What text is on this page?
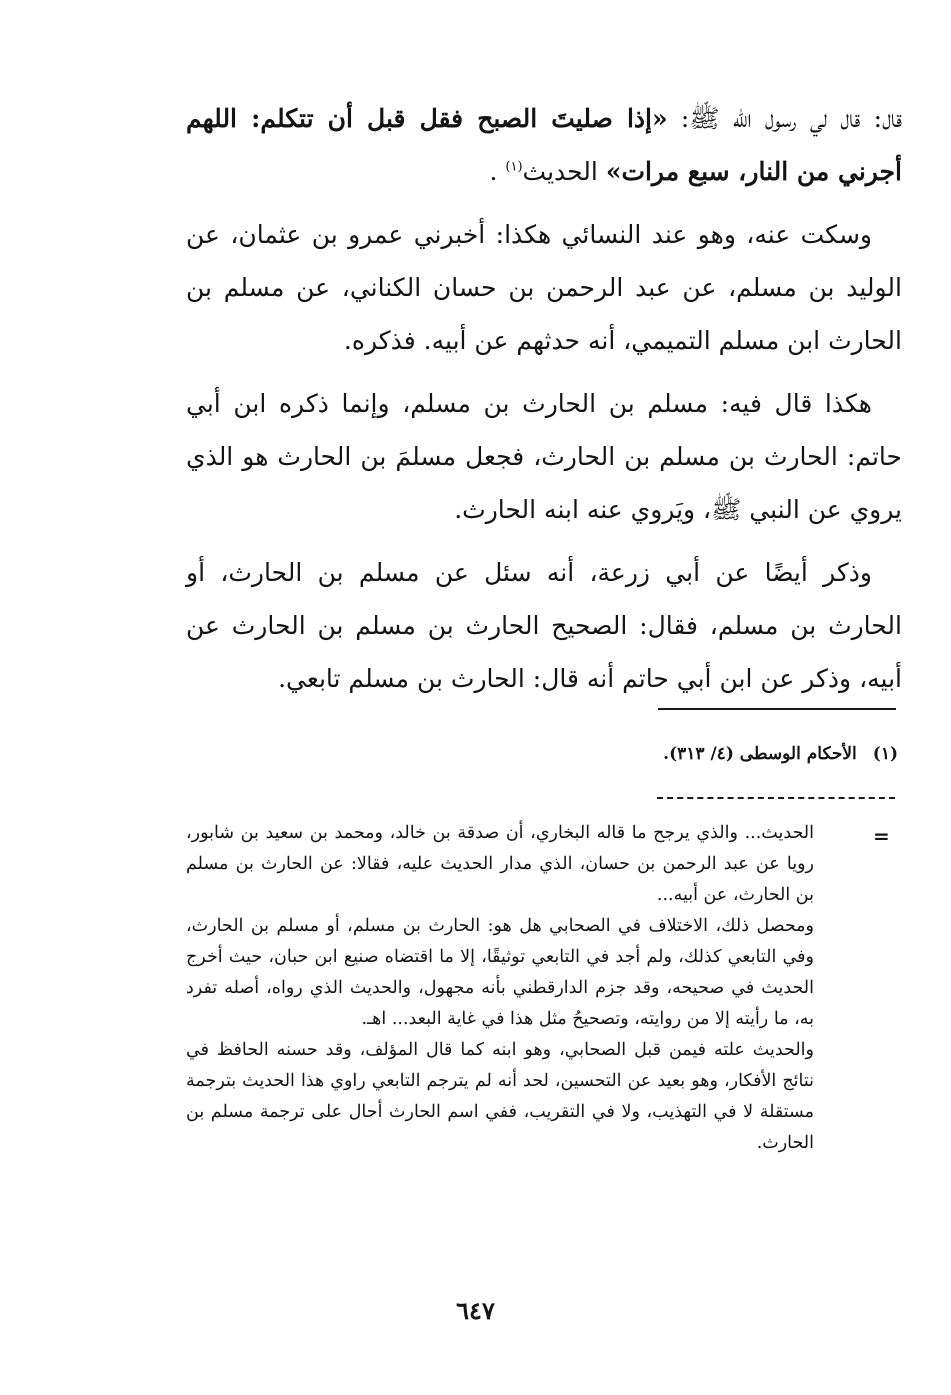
قال: قال لي رسول الله ﷺ: «إذا صليتَ الصبح فقل قبل أن تتكلم: اللهم أجرني من النار، سبع مرات» الحديث$^{(١)}$ .

وسكت عنه، وهو عند النسائي هكذا: أخبرني عمرو بن عثمان، عن الوليد بن مسلم، عن عبد الرحمن بن حسان الكناني، عن مسلم بن الحارث ابن مسلم التميمي، أنه حدثهم عن أبيه. فذكره.

هكذا قال فيه: مسلم بن الحارث بن مسلم، وإنما ذكره ابن أبي حاتم: الحارث بن مسلم بن الحارث، فجعل مسلمَ بن الحارث هو الذي يروي عن النبي ﷺ، ويَروي عنه ابنه الحارث.

وذكر أيضًا عن أبي زرعة، أنه سئل عن مسلم بن الحارث، أو الحارث بن مسلم، فقال: الصحيح الحارث بن مسلم بن الحارث عن أبيه، وذكر عن ابن أبي حاتم أنه قال: الحارث بن مسلم تابعي.

(١)الأحكام الوسطى (٤/ ٣١٣).
=

الحديث... والذي يرجح ما قاله البخاري، أن صدقة بن خالد، ومحمد بن سعيد بن شابور، رويا عن عبد الرحمن بن حسان، الذي مدار الحديث عليه، فقالا: عن الحارث بن مسلم بن الحارث، عن أبيه...

ومحصل ذلك، الاختلاف في الصحابي هل هو: الحارث بن مسلم، أو مسلم بن الحارث، وفي التابعي كذلك، ولم أجد في التابعي توثيقًا، إلا ما اقتضاه صنيع ابن حبان، حيث أخرج الحديث في صحيحه، وقد جزم الدارقطني بأنه مجهول، والحديث الذي رواه، أصله تفرد به، ما رأيته إلا من روايته، وتصحيحُ مثل هذا في غاية البعد... اهـ.

والحديث علته فيمن قبل الصحابي، وهو ابنه كما قال المؤلف، وقد حسنه الحافظ في نتائج الأفكار، وهو بعيد عن التحسين، لحد أنه لم يترجم التابعي راوي هذا الحديث بترجمة مستقلة لا في التهذيب، ولا في التقريب، ففي اسم الحارث أحال على ترجمة مسلم بن الحارث.

٦٤٧
